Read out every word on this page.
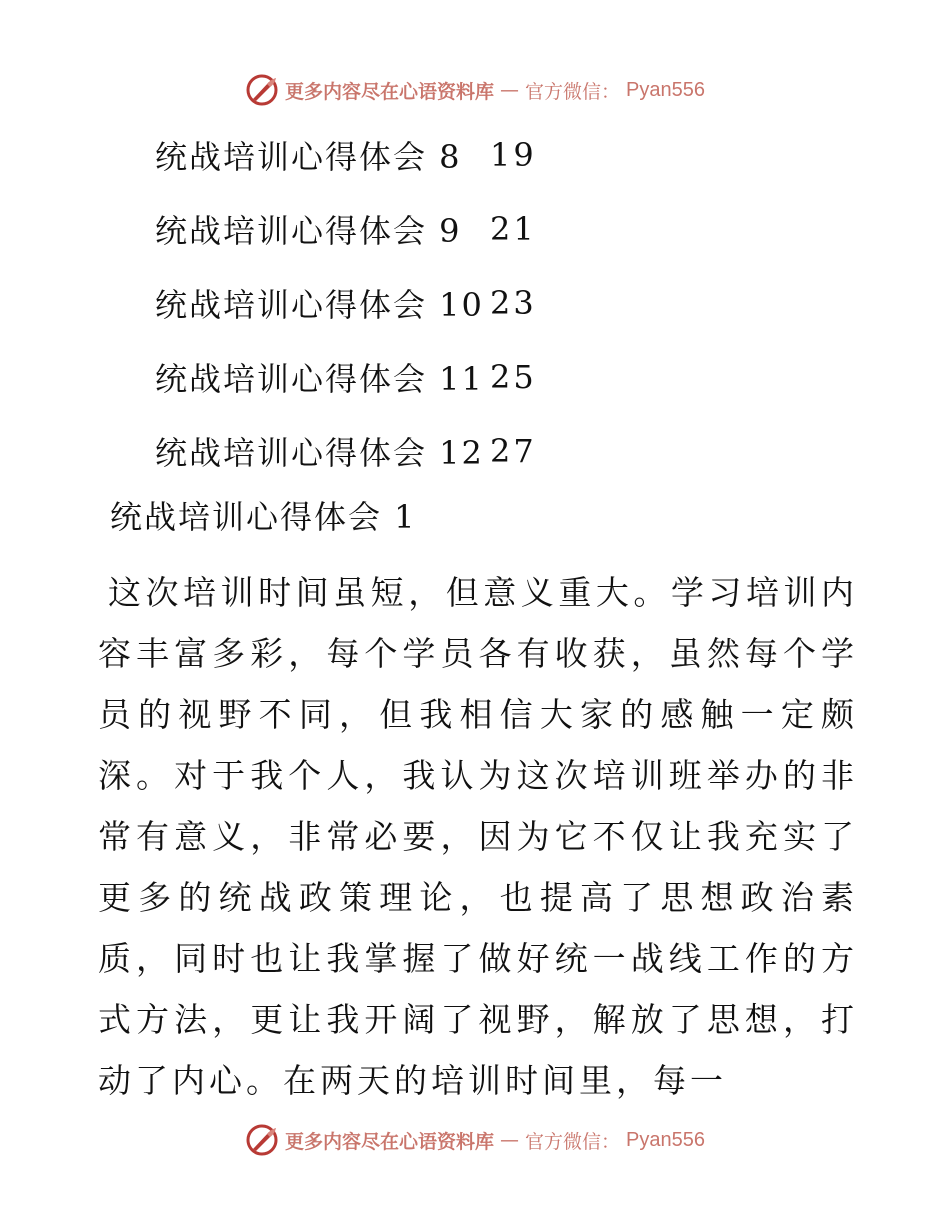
更多内容尽在心语资料库 — 官方微信： Pyan556
统战培训心得体会 8 19
统战培训心得体会 9 21
统战培训心得体会 10 23
统战培训心得体会 11 25
统战培训心得体会 12 27
统战培训心得体会 1

这次培训时间虽短，但意义重大。学习培训内容丰富多彩，每个学员各有收获，虽然每个学员的视野不同，但我相信大家的感触一定颇深。对于我个人，我认为这次培训班举办的非常有意义，非常必要，因为它不仅让我充实了更多的统战政策理论，也提高了思想政治素质，同时也让我掌握了做好统一战线工作的方式方法，更让我开阔了视野，解放了思想，打动了内心。在两天的培训时间里，每一

更多内容尽在心语资料库 — 官方微信： Pyan556
